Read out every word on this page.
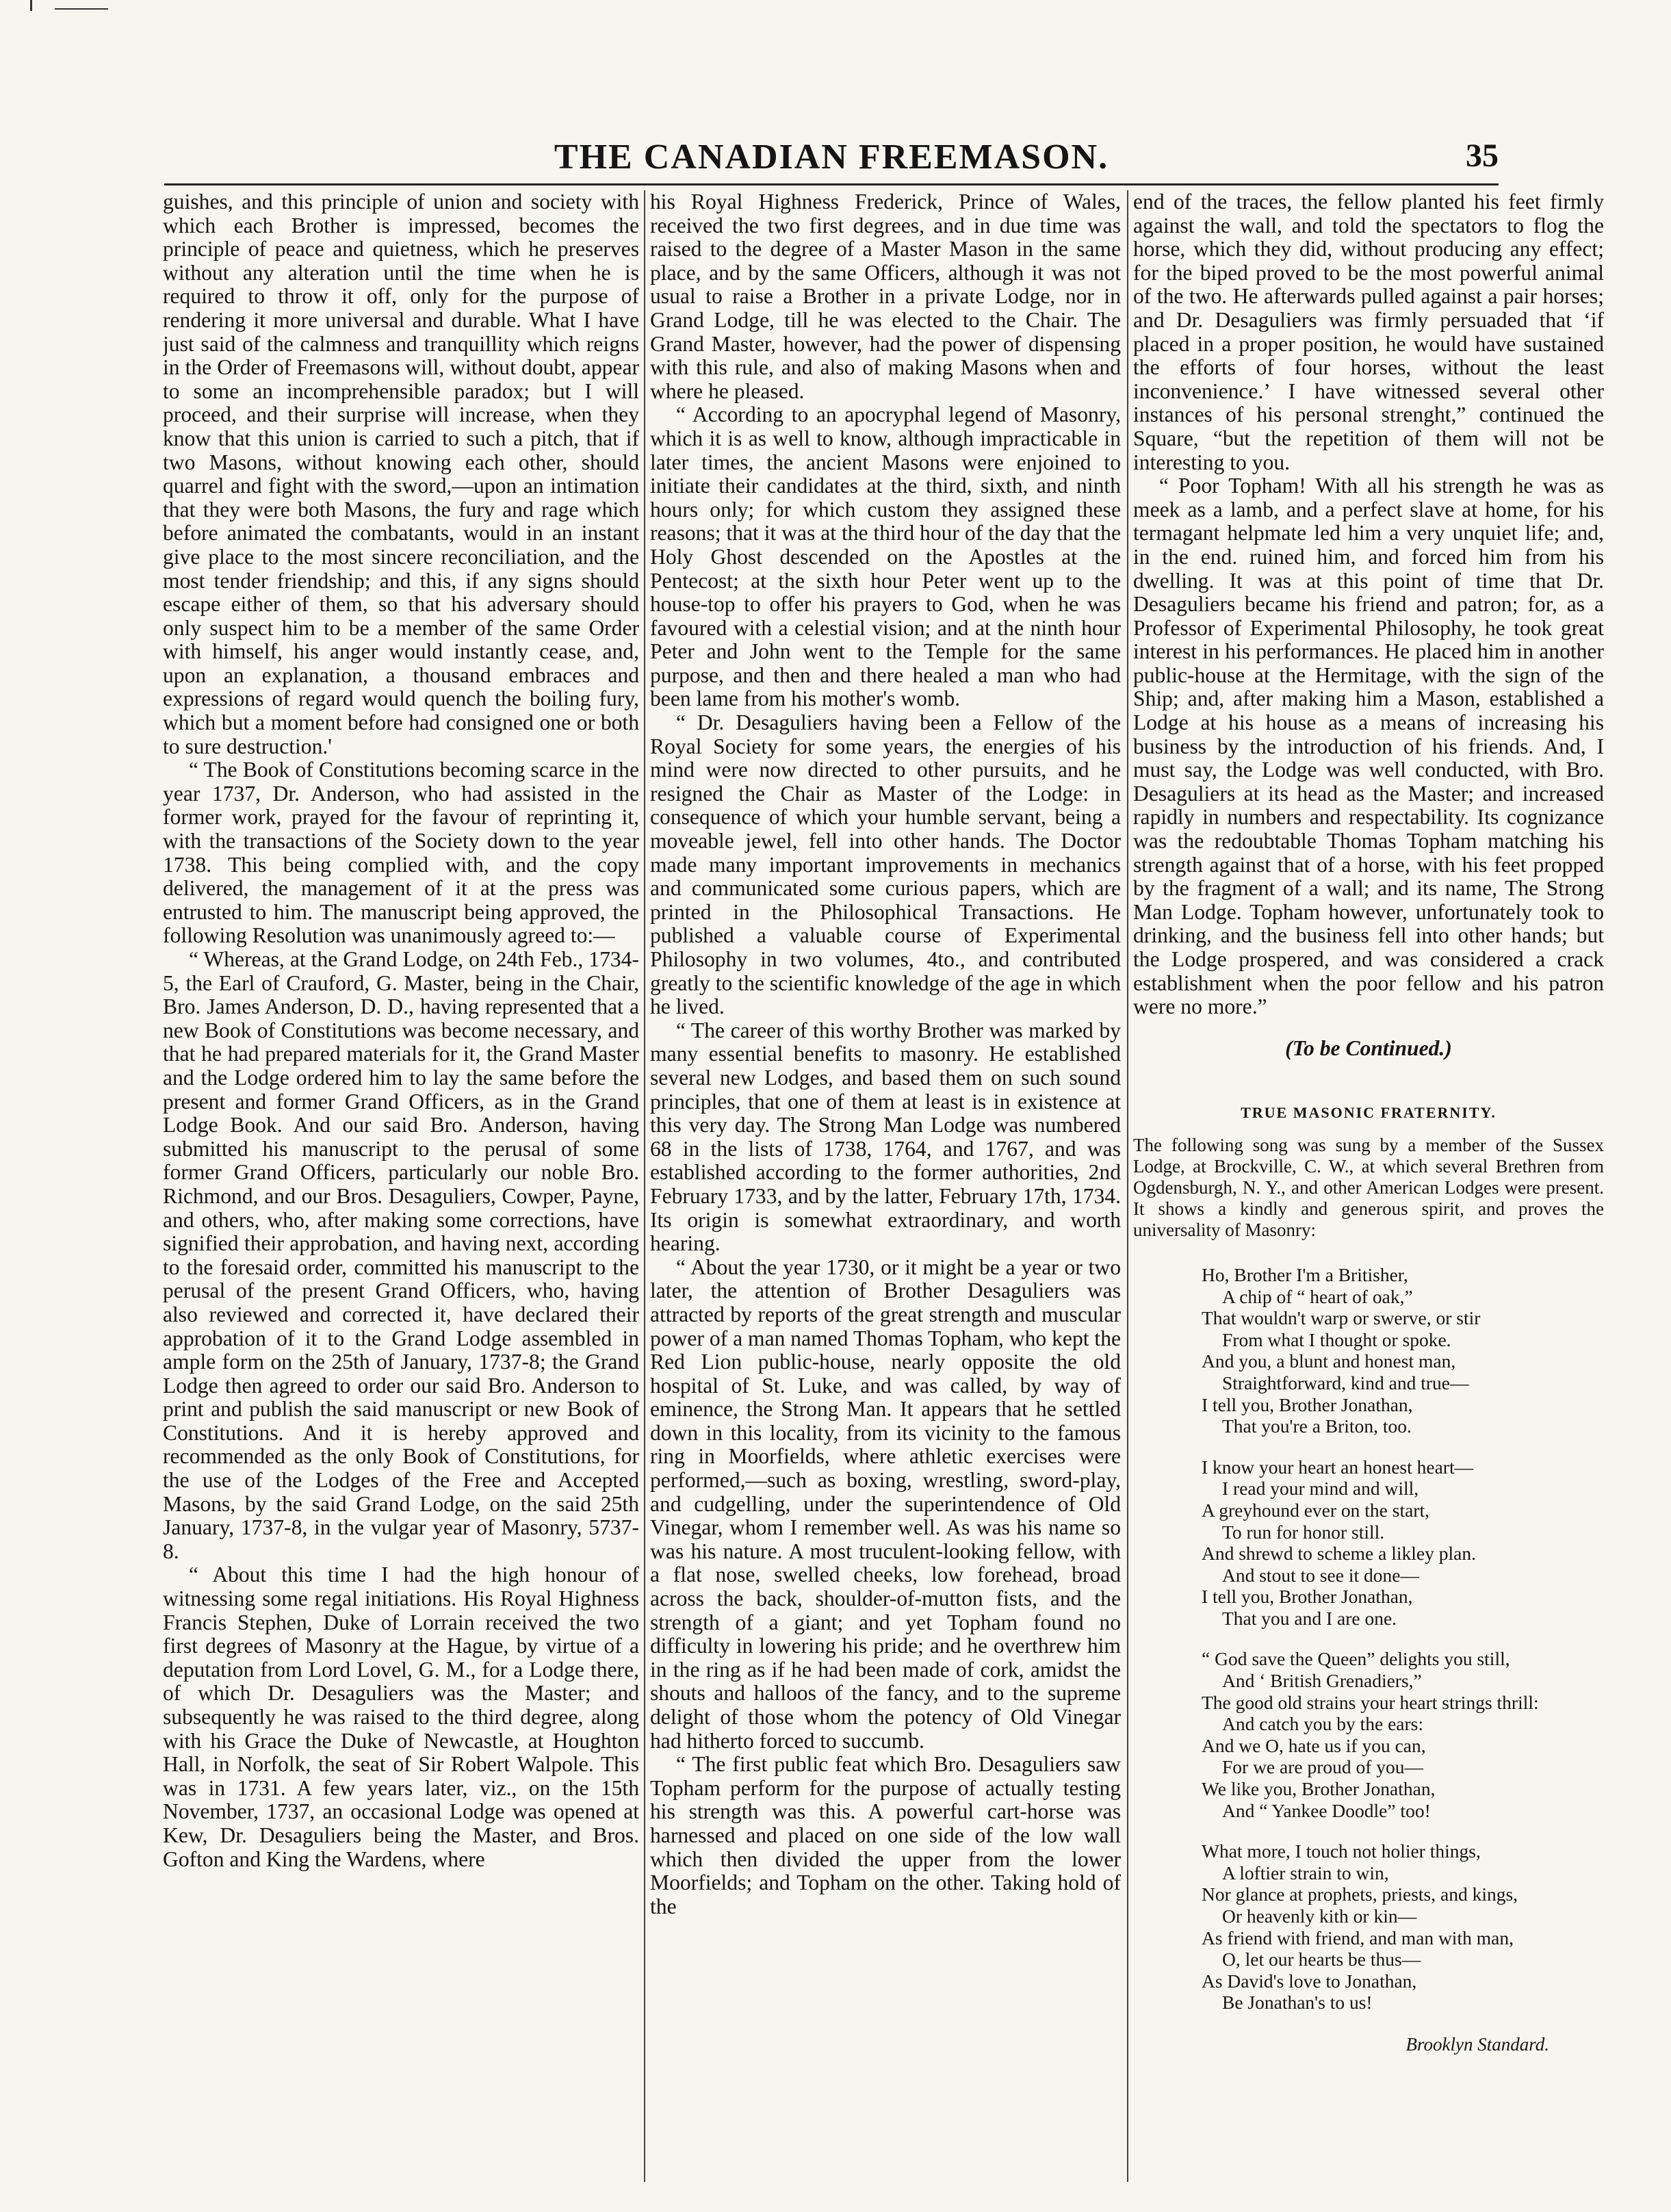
THE CANADIAN FREEMASON.	35

guishes, and this principle of union and society with which each Brother is impressed, becomes the principle of peace and quietness, which he preserves without any alteration until the time when he is required to throw it off, only for the purpose of rendering it more universal and durable. What I have just said of the calmness and tranquillity which reigns in the Order of Freemasons will, without doubt, appear to some an incomprehensible paradox; but I will proceed, and their surprise will increase, when they know that this union is carried to such a pitch, that if two Masons, without knowing each other, should quarrel and fight with the sword,—upon an intimation that they were both Masons, the fury and rage which before animated the combatants, would in an instant give place to the most sincere reconciliation, and the most tender friendship; and this, if any signs should escape either of them, so that his adversary should only suspect him to be a member of the same Order with himself, his anger would instantly cease, and, upon an explanation, a thousand embraces and expressions of regard would quench the boiling fury, which but a moment before had consigned one or both to sure destruction.'

“ The Book of Constitutions becoming scarce in the year 1737, Dr. Anderson, who had assisted in the former work, prayed for the favour of reprinting it, with the transactions of the Society down to the year 1738. This being complied with, and the copy delivered, the management of it at the press was entrusted to him. The manuscript being approved, the following Resolution was unanimously agreed to:—

“ Whereas, at the Grand Lodge, on 24th Feb., 1734-5, the Earl of Crauford, G. Master, being in the Chair, Bro. James Anderson, D. D., having represented that a new Book of Constitutions was become necessary, and that he had prepared materials for it, the Grand Master and the Lodge ordered him to lay the same before the present and former Grand Officers, as in the Grand Lodge Book. And our said Bro. Anderson, having submitted his manuscript to the perusal of some former Grand Officers, particularly our noble Bro. Richmond, and our Bros. Desaguliers, Cowper, Payne, and others, who, after making some corrections, have signified their approbation, and having next, according to the foresaid order, committed his manuscript to the perusal of the present Grand Officers, who, having also reviewed and corrected it, have declared their approbation of it to the Grand Lodge assembled in ample form on the 25th of January, 1737-8; the Grand Lodge then agreed to order our said Bro. Anderson to print and publish the said manuscript or new Book of Constitutions. And it is hereby approved and recommended as the only Book of Constitutions, for the use of the Lodges of the Free and Accepted Masons, by the said Grand Lodge, on the said 25th January, 1737-8, in the vulgar year of Masonry, 5737-8.

“ About this time I had the high honour of witnessing some regal initiations. His Royal Highness Francis Stephen, Duke of Lorrain received the two first degrees of Masonry at the Hague, by virtue of a deputation from Lord Lovel, G. M., for a Lodge there, of which Dr. Desaguliers was the Master; and subsequently he was raised to the third degree, along with his Grace the Duke of Newcastle, at Houghton Hall, in Norfolk, the seat of Sir Robert Walpole. This was in 1731. A few years later, viz., on the 15th November, 1737, an occasional Lodge was opened at Kew, Dr. Desaguliers being the Master, and Bros. Gofton and King the Wardens, where

his Royal Highness Frederick, Prince of Wales, received the two first degrees, and in due time was raised to the degree of a Master Mason in the same place, and by the same Officers, although it was not usual to raise a Brother in a private Lodge, nor in Grand Lodge, till he was elected to the Chair. The Grand Master, however, had the power of dispensing with this rule, and also of making Masons when and where he pleased.

“ According to an apocryphal legend of Masonry, which it is as well to know, although impracticable in later times, the ancient Masons were enjoined to initiate their candidates at the third, sixth, and ninth hours only; for which custom they assigned these reasons; that it was at the third hour of the day that the Holy Ghost descended on the Apostles at the Pentecost; at the sixth hour Peter went up to the house-top to offer his prayers to God, when he was favoured with a celestial vision; and at the ninth hour Peter and John went to the Temple for the same purpose, and then and there healed a man who had been lame from his mother's womb.

“ Dr. Desaguliers having been a Fellow of the Royal Society for some years, the energies of his mind were now directed to other pursuits, and he resigned the Chair as Master of the Lodge: in consequence of which your humble servant, being a moveable jewel, fell into other hands. The Doctor made many important improvements in mechanics and communicated some curious papers, which are printed in the Philosophical Transactions. He published a valuable course of Experimental Philosophy in two volumes, 4to., and contributed greatly to the scientific knowledge of the age in which he lived.

“ The career of this worthy Brother was marked by many essential benefits to masonry. He established several new Lodges, and based them on such sound principles, that one of them at least is in existence at this very day. The Strong Man Lodge was numbered 68 in the lists of 1738, 1764, and 1767, and was established according to the former authorities, 2nd February 1733, and by the latter, February 17th, 1734. Its origin is somewhat extraordinary, and worth hearing.

“ About the year 1730, or it might be a year or two later, the attention of Brother Desaguliers was attracted by reports of the great strength and muscular power of a man named Thomas Topham, who kept the Red Lion public-house, nearly opposite the old hospital of St. Luke, and was called, by way of eminence, the Strong Man. It appears that he settled down in this locality, from its vicinity to the famous ring in Moorfields, where athletic exercises were performed,—such as boxing, wrestling, sword-play, and cudgelling, under the superintendence of Old Vinegar, whom I remember well. As was his name so was his nature. A most truculent-looking fellow, with a flat nose, swelled cheeks, low forehead, broad across the back, shoulder-of-mutton fists, and the strength of a giant; and yet Topham found no difficulty in lowering his pride; and he overthrew him in the ring as if he had been made of cork, amidst the shouts and halloos of the fancy, and to the supreme delight of those whom the potency of Old Vinegar had hitherto forced to succumb.

“ The first public feat which Bro. Desaguliers saw Topham perform for the purpose of actually testing his strength was this. A powerful cart-horse was harnessed and placed on one side of the low wall which then divided the upper from the lower Moorfields; and Topham on the other. Taking hold of the

end of the traces, the fellow planted his feet firmly against the wall, and told the spectators to flog the horse, which they did, without producing any effect; for the biped proved to be the most powerful animal of the two. He afterwards pulled against a pair horses; and Dr. Desaguliers was firmly persuaded that ‘if placed in a proper position, he would have sustained the efforts of four horses, without the least inconvenience.’ I have witnessed several other instances of his personal strenght,” continued the Square, “but the repetition of them will not be interesting to you.

“ Poor Topham! With all his strength he was as meek as a lamb, and a perfect slave at home, for his termagant helpmate led him a very unquiet life; and, in the end. ruined him, and forced him from his dwelling. It was at this point of time that Dr. Desaguliers became his friend and patron; for, as a Professor of Experimental Philosophy, he took great interest in his performances. He placed him in another public-house at the Hermitage, with the sign of the Ship; and, after making him a Mason, established a Lodge at his house as a means of increasing his business by the introduction of his friends. And, I must say, the Lodge was well conducted, with Bro. Desaguliers at its head as the Master; and increased rapidly in numbers and respectability. Its cognizance was the redoubtable Thomas Topham matching his strength against that of a horse, with his feet propped by the fragment of a wall; and its name, The Strong Man Lodge. Topham however, unfortunately took to drinking, and the business fell into other hands; but the Lodge prospered, and was considered a crack establishment when the poor fellow and his patron were no more.”

(To be Continued.)

TRUE MASONIC FRATERNITY.

The following song was sung by a member of the Sussex Lodge, at Brockville, C. W., at which several Brethren from Ogdensburgh, N. Y., and other American Lodges were present. It shows a kindly and generous spirit, and proves the universality of Masonry:

Ho, Brother I'm a Britisher,
A chip of “ heart of oak,”
That wouldn't warp or swerve, or stir
From what I thought or spoke.
And you, a blunt and honest man,
Straightforward, kind and true—
I tell you, Brother Jonathan,
That you're a Briton, too.
I know your heart an honest heart—
I read your mind and will,
A greyhound ever on the start,
To run for honor still.
And shrewd to scheme a likley plan.
And stout to see it done—
I tell you, Brother Jonathan,
That you and I are one.
“ God save the Queen” delights you still,
And ‘ British Grenadiers,”
The good old strains your heart strings thrill:
And catch you by the ears:
And we O, hate us if you can,
For we are proud of you—
We like you, Brother Jonathan,
And “ Yankee Doodle” too!
What more, I touch not holier things,
A loftier strain to win,
Nor glance at prophets, priests, and kings,
Or heavenly kith or kin—
As friend with friend, and man with man,
O, let our hearts be thus—
As David's love to Jonathan,
Be Jonathan's to us!

Brooklyn Standard.
